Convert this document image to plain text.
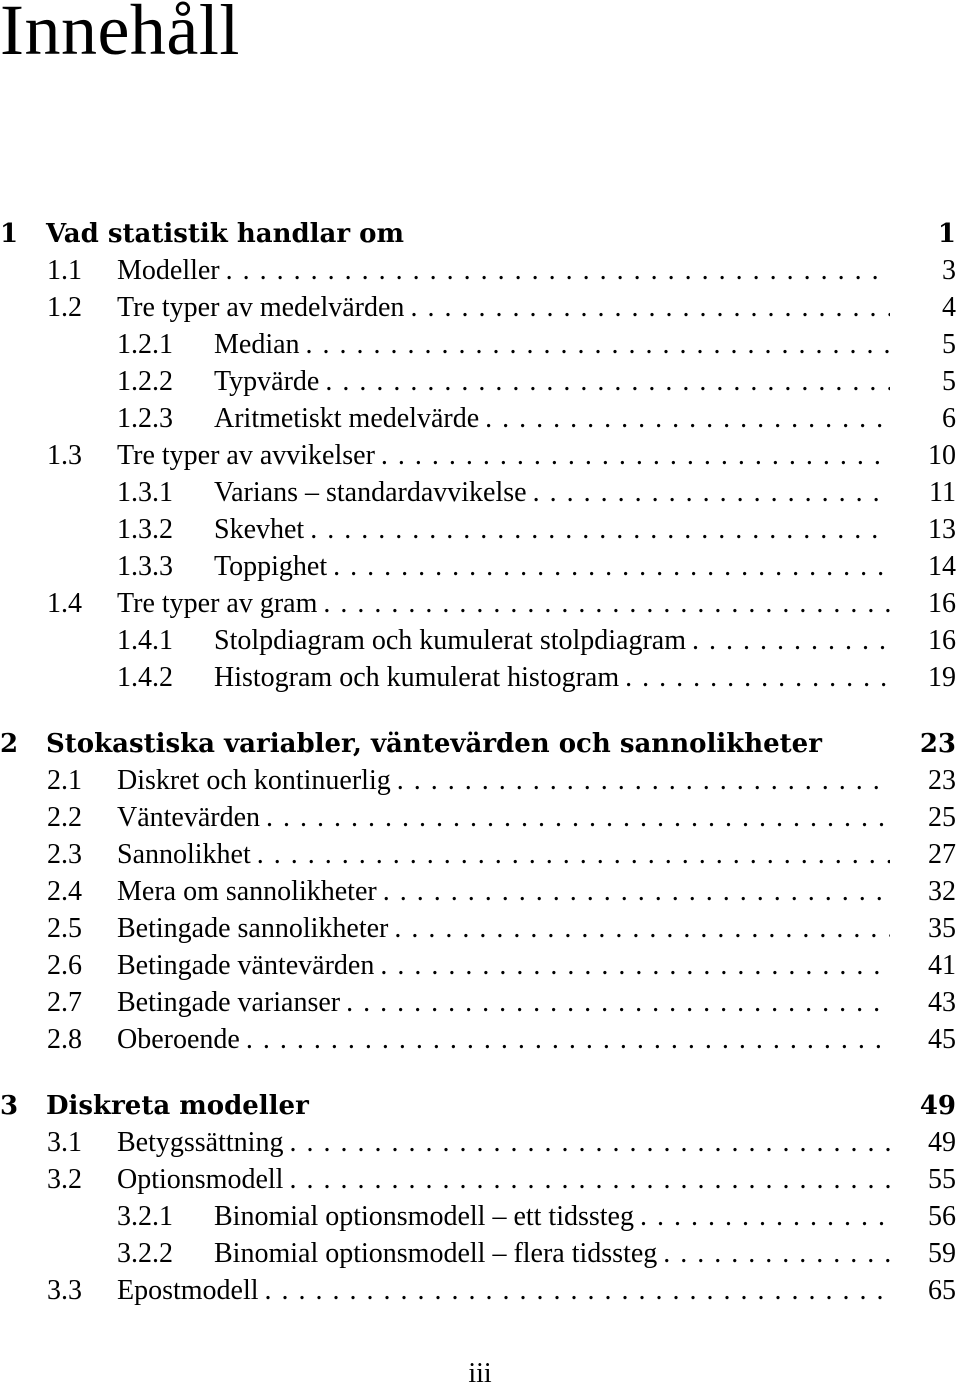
Innehåll
1 Vad statistik handlar om	1
1.1 Modeller . . .	3
1.2 Tre typer av medelvärden . . .	4
1.2.1 Median . . .	5
1.2.2 Typvärde . . .	5
1.2.3 Aritmetiskt medelvärde . . .	6
1.3 Tre typer av avvikelser . . .	10
1.3.1 Varians – standardavvikelse . . .	11
1.3.2 Skevhet . . .	13
1.3.3 Toppighet . . .	14
1.4 Tre typer av gram . . .	16
1.4.1 Stolpdiagram och kumulerat stolpdiagram . . .	16
1.4.2 Histogram och kumulerat histogram . . .	19
2 Stokastiska variabler, väntevärden och sannolikheter	23
2.1 Diskret och kontinuerlig . . .	23
2.2 Väntevärden . . .	25
2.3 Sannolikhet . . .	27
2.4 Mera om sannolikheter . . .	32
2.5 Betingade sannolikheter . . .	35
2.6 Betingade väntevärden . . .	41
2.7 Betingade varianser . . .	43
2.8 Oberoende . . .	45
3 Diskreta modeller	49
3.1 Betygssättning . . .	49
3.2 Optionsmodell . . .	55
3.2.1 Binomial optionsmodell – ett tidssteg . . .	56
3.2.2 Binomial optionsmodell – flera tidssteg . . .	59
3.3 Epostmodell . . .	65
iii
